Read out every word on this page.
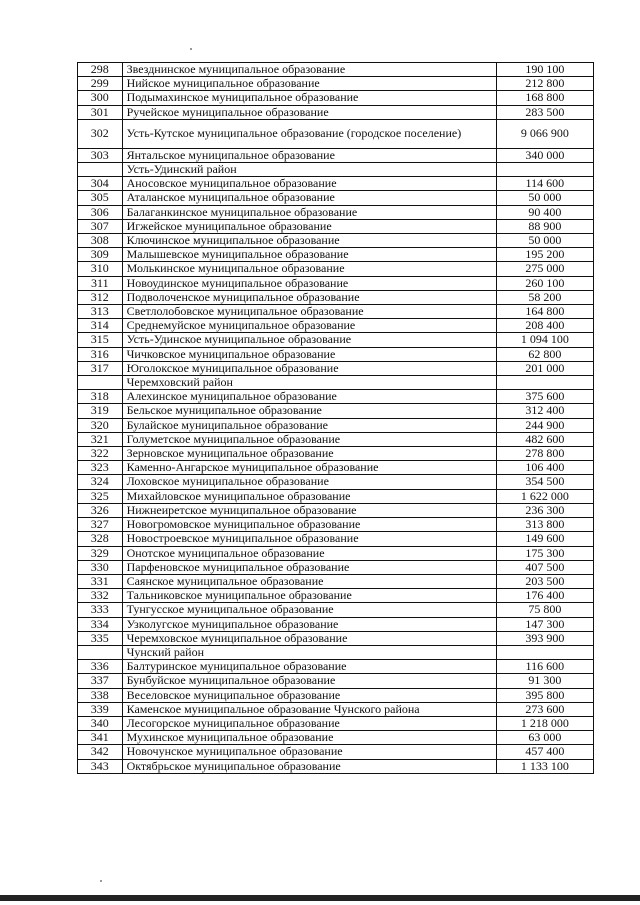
298	Звезднинское муниципальное образование	190 100
299	Нийское муниципальное образование	212 800
300	Подымахинское муниципальное образование	168 800
301	Ручейское муниципальное образование	283 500
302	Усть-Кутское муниципальное образование (городское поселение)	9 066 900
303	Янтальское муниципальное образование	340 000
	Усть-Удинский район	
304	Аносовское муниципальное образование	114 600
305	Аталанское муниципальное образование	50 000
306	Балаганкинское муниципальное образование	90 400
307	Игжейское муниципальное образование	88 900
308	Ключинское муниципальное образование	50 000
309	Малышевское муниципальное образование	195 200
310	Молькинское муниципальное образование	275 000
311	Новоудинское муниципальное образование	260 100
312	Подволоченское муниципальное образование	58 200
313	Светлолобовское муниципальное образование	164 800
314	Среднемуйское муниципальное образование	208 400
315	Усть-Удинское муниципальное образование	1 094 100
316	Чичковское муниципальное образование	62 800
317	Юголокское муниципальное образование	201 000
	Черемховский район	
318	Алехинское муниципальное образование	375 600
319	Бельское муниципальное образование	312 400
320	Булайское муниципальное образование	244 900
321	Голуметское муниципальное образование	482 600
322	Зерновское муниципальное образование	278 800
323	Каменно-Ангарское муниципальное образование	106 400
324	Лоховское муниципальное образование	354 500
325	Михайловское муниципальное образование	1 622 000
326	Нижнеиретское муниципальное образование	236 300
327	Новогромовское муниципальное образование	313 800
328	Новостроевское муниципальное образование	149 600
329	Онотское муниципальное образование	175 300
330	Парфеновское муниципальное образование	407 500
331	Саянское муниципальное образование	203 500
332	Тальниковское муниципальное образование	176 400
333	Тунгусское муниципальное образование	75 800
334	Узколугское муниципальное образование	147 300
335	Черемховское муниципальное образование	393 900
	Чунский район	
336	Балтуринское муниципальное образование	116 600
337	Бунбуйское муниципальное образование	91 300
338	Веселовское муниципальное образование	395 800
339	Каменское муниципальное образование Чунского района	273 600
340	Лесогорское муниципальное образование	1 218 000
341	Мухинское муниципальное образование	63 000
342	Новочунское муниципальное образование	457 400
343	Октябрьское муниципальное образование	1 133 100
